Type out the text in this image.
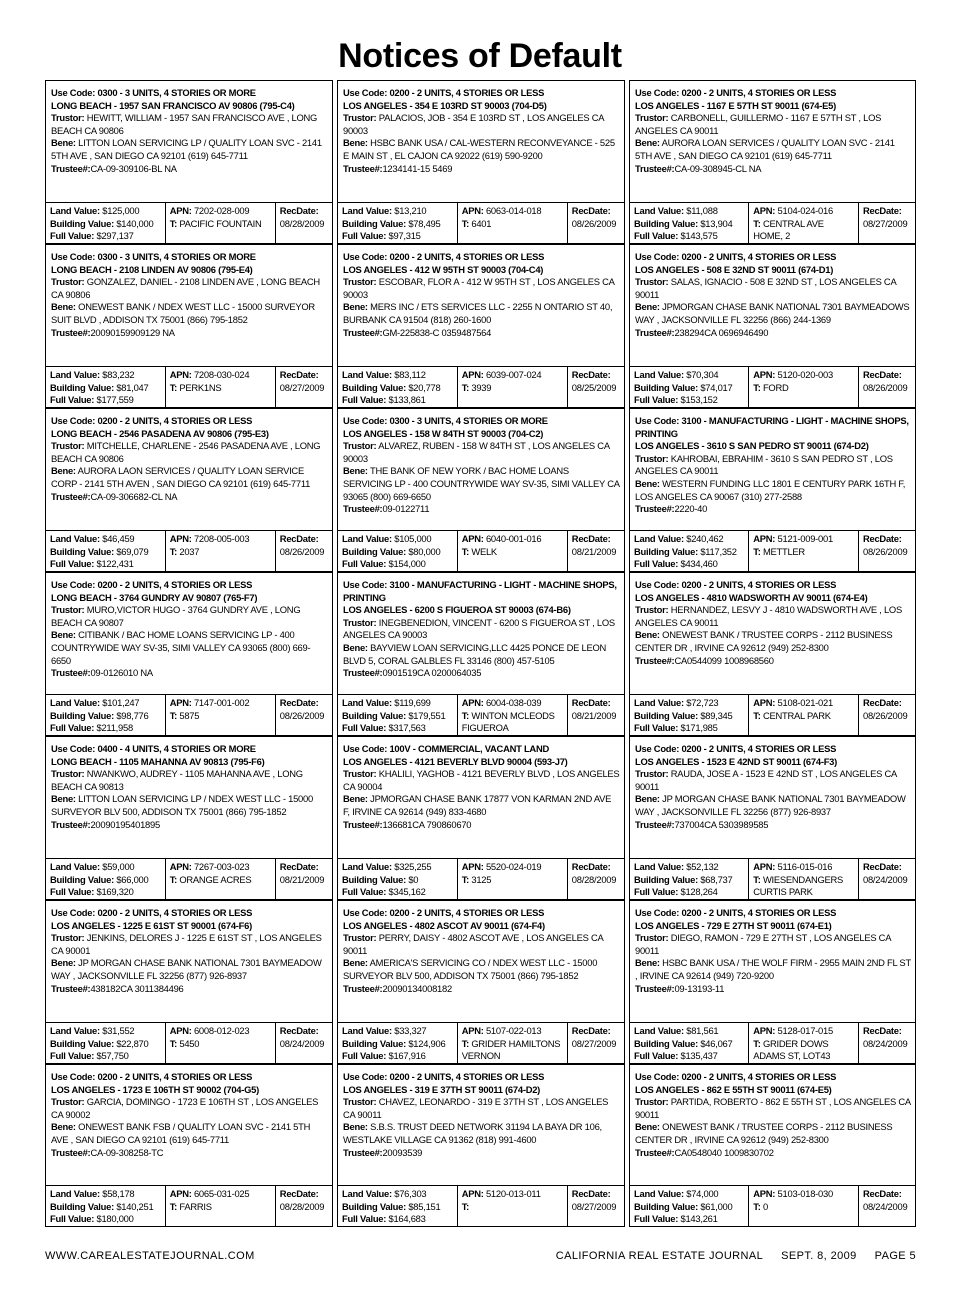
Notices of Default
Use Code: 0300 - 3 UNITS, 4 STORIES OR MORE
LONG BEACH - 1957 SAN FRANCISCO AV 90806 (795-C4)
Trustor: HEWITT, WILLIAM - 1957 SAN FRANCISCO AVE , LONG BEACH CA 90806
Bene: LITTON LOAN SERVICING LP / QUALITY LOAN SVC - 2141 5TH AVE , SAN DIEGO CA 92101 (619) 645-7711
Trustee#:CA-09-309106-BL NA
Land Value: $125,000
Building Value: $140,000
Full Value: $297,137
APN: 7202-028-009
T: PACIFIC FOUNTAIN
RecDate:
08/28/2009
Use Code: 0300 - 3 UNITS, 4 STORIES OR MORE
LONG BEACH - 2108 LINDEN AV 90806 (795-E4)
Trustor: GONZALEZ, DANIEL - 2108 LINDEN AVE , LONG BEACH CA 90806
Bene: ONEWEST BANK / NDEX WEST LLC - 15000 SURVEYOR SUIT BLVD , ADDISON TX 75001 (866) 795-1852
Trustee#:20090159909129 NA
Land Value: $83,232
Building Value: $81,047
Full Value: $177,559
APN: 7208-030-024
T: PERK1NS
RecDate:
08/27/2009
Use Code: 0200 - 2 UNITS, 4 STORIES OR LESS
LONG BEACH - 2546 PASADENA AV 90806 (795-E3)
Trustor: MITCHELLE, CHARLENE - 2546 PASADENA AVE , LONG BEACH CA 90806
Bene: AURORA LAON SERVICES / QUALITY LOAN SERVICE CORP - 2141 5TH AVEN , SAN DIEGO CA 92101 (619) 645-7711
Trustee#:CA-09-306682-CL NA
Land Value: $46,459
Building Value: $69,079
Full Value: $122,431
APN: 7208-005-003
T: 2037
RecDate:
08/26/2009
Use Code: 0200 - 2 UNITS, 4 STORIES OR LESS
LONG BEACH - 3764 GUNDRY AV 90807 (765-F7)
Trustor: MURO,VICTOR HUGO - 3764 GUNDRY AVE , LONG BEACH CA 90807
Bene: CITIBANK / BAC HOME LOANS SERVICING LP - 400 COUNTRYWIDE WAY SV-35, SIMI VALLEY CA 93065 (800) 669-6650
Trustee#:09-0126010 NA
Land Value: $101,247
Building Value: $98,776
Full Value: $211,958
APN: 7147-001-002
T: 5875
RecDate:
08/26/2009
Use Code: 0400 - 4 UNITS, 4 STORIES OR MORE
LONG BEACH - 1105 MAHANNA AV 90813 (795-F6)
Trustor: NWANKWO, AUDREY - 1105 MAHANNA AVE , LONG BEACH CA 90813
Bene: LITTON LOAN SERVICING LP / NDEX WEST LLC - 15000 SURVEYOR BLV 500, ADDISON TX 75001 (866) 795-1852
Trustee#:20090195401895
Land Value: $59,000
Building Value: $66,000
Full Value: $169,320
APN: 7267-003-023
T: ORANGE ACRES
RecDate:
08/21/2009
Use Code: 0200 - 2 UNITS, 4 STORIES OR LESS
LOS ANGELES - 1225 E 61ST ST 90001 (674-F6)
Trustor: JENKINS, DELORES J - 1225 E 61ST ST , LOS ANGELES CA 90001
Bene: JP MORGAN CHASE BANK NATIONAL 7301 BAYMEADOW WAY , JACKSONVILLE FL 32256 (877) 926-8937
Trustee#:438182CA 3011384496
Land Value: $31,552
Building Value: $22,870
Full Value: $57,750
APN: 6008-012-023
T: 5450
RecDate:
08/24/2009
Use Code: 0200 - 2 UNITS, 4 STORIES OR LESS
LOS ANGELES - 1723 E 106TH ST 90002 (704-G5)
Trustor: GARCIA, DOMINGO - 1723 E 106TH ST , LOS ANGELES CA 90002
Bene: ONEWEST BANK FSB / QUALITY LOAN SVC - 2141 5TH AVE , SAN DIEGO CA 92101 (619) 645-7711
Trustee#:CA-09-308258-TC
Land Value: $58,178
Building Value: $140,251
Full Value: $180,000
APN: 6065-031-025
T: FARRIS
RecDate:
08/28/2009
Use Code: 0200 - 2 UNITS, 4 STORIES OR LESS
LOS ANGELES - 354 E 103RD ST 90003 (704-D5)
Trustor: PALACIOS, JOB - 354 E 103RD ST , LOS ANGELES CA 90003
Bene: HSBC BANK USA / CAL-WESTERN RECONVEYANCE - 525 E MAIN ST , EL CAJON CA 92022 (619) 590-9200
Trustee#:1234141-15 5469
Land Value: $13,210
Building Value: $78,495
Full Value: $97,315
APN: 6063-014-018
T: 6401
RecDate:
08/26/2009
Use Code: 0200 - 2 UNITS, 4 STORIES OR LESS
LOS ANGELES - 412 W 95TH ST 90003 (704-C4)
Trustor: ESCOBAR, FLOR A - 412 W 95TH ST , LOS ANGELES CA 90003
Bene: MERS INC / ETS SERVICES LLC - 2255 N ONTARIO ST 40, BURBANK CA 91504 (818) 260-1600
Trustee#:GM-225838-C 0359487564
Land Value: $83,112
Building Value: $20,778
Full Value: $133,861
APN: 6039-007-024
T: 3939
RecDate:
08/25/2009
Use Code: 0300 - 3 UNITS, 4 STORIES OR MORE
LOS ANGELES - 158 W 84TH ST 90003 (704-C2)
Trustor: ALVAREZ, RUBEN - 158 W 84TH ST , LOS ANGELES CA 90003
Bene: THE BANK OF NEW YORK / BAC HOME LOANS SERVICING LP - 400 COUNTRYWIDE WAY SV-35, SIMI VALLEY CA 93065 (800) 669-6650
Trustee#:09-0122711
Land Value: $105,000
Building Value: $80,000
Full Value: $154,000
APN: 6040-001-016
T: WELK
RecDate:
08/21/2009
Use Code: 3100 - MANUFACTURING - LIGHT - MACHINE SHOPS, PRINTING
LOS ANGELES - 6200 S FIGUEROA ST 90003 (674-B6)
Trustor: INEGBENEDION, VINCENT - 6200 S FIGUEROA ST , LOS ANGELES CA 90003
Bene: BAYVIEW LOAN SERVICING,LLC 4425 PONCE DE LEON BLVD 5, CORAL GALBLES FL 33146 (800) 457-5105
Trustee#:0901519CA 0200064035
Land Value: $119,699
Building Value: $179,551
Full Value: $317,563
APN: 6004-038-039
T: WINTON MCLEODS FIGUEROA
RecDate:
08/21/2009
Use Code: 100V - COMMERCIAL, VACANT LAND
LOS ANGELES - 4121 BEVERLY BLVD 90004 (593-J7)
Trustor: KHALILI, YAGHOB - 4121 BEVERLY BLVD , LOS ANGELES CA 90004
Bene: JPMORGAN CHASE BANK 17877 VON KARMAN 2ND AVE F, IRVINE CA 92614 (949) 833-4680
Trustee#:136681CA 790860670
Land Value: $325,255
Building Value: $0
Full Value: $345,162
APN: 5520-024-019
T: 3125
RecDate:
08/28/2009
Use Code: 0200 - 2 UNITS, 4 STORIES OR LESS
LOS ANGELES - 4802 ASCOT AV 90011 (674-F4)
Trustor: PERRY, DAISY - 4802 ASCOT AVE , LOS ANGELES CA 90011
Bene: AMERICA'S SERVICING CO / NDEX WEST LLC - 15000 SURVEYOR BLV 500, ADDISON TX 75001 (866) 795-1852
Trustee#:20090134008182
Land Value: $33,327
Building Value: $124,906
Full Value: $167,916
APN: 5107-022-013
T: GRIDER HAMILTONS VERNON
RecDate:
08/27/2009
Use Code: 0200 - 2 UNITS, 4 STORIES OR LESS
LOS ANGELES - 319 E 37TH ST 90011 (674-D2)
Trustor: CHAVEZ, LEONARDO - 319 E 37TH ST , LOS ANGELES CA 90011
Bene: S.B.S. TRUST DEED NETWORK 31194 LA BAYA DR 106, WESTLAKE VILLAGE CA 91362 (818) 991-4600
Trustee#:20093539
Land Value: $76,303
Building Value: $85,151
Full Value: $164,683
APN: 5120-013-011
T:
RecDate:
08/27/2009
Use Code: 0200 - 2 UNITS, 4 STORIES OR LESS
LOS ANGELES - 1167 E 57TH ST 90011 (674-E5)
Trustor: CARBONELL, GUILLERMO - 1167 E 57TH ST , LOS ANGELES CA 90011
Bene: AURORA LOAN SERVICES / QUALITY LOAN SVC - 2141 5TH AVE , SAN DIEGO CA 92101 (619) 645-7711
Trustee#:CA-09-308945-CL NA
Land Value: $11,088
Building Value: $13,904
Full Value: $143,575
APN: 5104-024-016
T: CENTRAL AVE HOME, 2
RecDate:
08/27/2009
Use Code: 0200 - 2 UNITS, 4 STORIES OR LESS
LOS ANGELES - 508 E 32ND ST 90011 (674-D1)
Trustor: SALAS, IGNACIO - 508 E 32ND ST , LOS ANGELES CA 90011
Bene: JPMORGAN CHASE BANK NATIONAL 7301 BAYMEADOWS WAY , JACKSONVILLE FL 32256 (866) 244-1369
Trustee#:238294CA 0696946490
Land Value: $70,304
Building Value: $74,017
Full Value: $153,152
APN: 5120-020-003
T: FORD
RecDate:
08/26/2009
Use Code: 3100 - MANUFACTURING - LIGHT - MACHINE SHOPS, PRINTING
LOS ANGELES - 3610 S SAN PEDRO ST 90011 (674-D2)
Trustor: KAHROBAI, EBRAHIM - 3610 S SAN PEDRO ST , LOS ANGELES CA 90011
Bene: WESTERN FUNDING LLC 1801 E CENTURY PARK 16TH F, LOS ANGELES CA 90067 (310) 277-2588
Trustee#:2220-40
Land Value: $240,462
Building Value: $117,352
Full Value: $434,460
APN: 5121-009-001
T: METTLER
RecDate:
08/26/2009
Use Code: 0200 - 2 UNITS, 4 STORIES OR LESS
LOS ANGELES - 4810 WADSWORTH AV 90011 (674-E4)
Trustor: HERNANDEZ, LESVY J - 4810 WADSWORTH AVE , LOS ANGELES CA 90011
Bene: ONEWEST BANK / TRUSTEE CORPS - 2112 BUSINESS CENTER DR , IRVINE CA 92612 (949) 252-8300
Trustee#:CA0544099 1008968560
Land Value: $72,723
Building Value: $89,345
Full Value: $171,985
APN: 5108-021-021
T: CENTRAL PARK
RecDate:
08/26/2009
Use Code: 0200 - 2 UNITS, 4 STORIES OR LESS
LOS ANGELES - 1523 E 42ND ST 90011 (674-F3)
Trustor: RAUDA, JOSE A - 1523 E 42ND ST , LOS ANGELES CA 90011
Bene: JP MORGAN CHASE BANK NATIONAL 7301 BAYMEADOW WAY , JACKSONVILLE FL 32256 (877) 926-8937
Trustee#:737004CA 5303989585
Land Value: $52,132
Building Value: $68,737
Full Value: $128,264
APN: 5116-015-016
T: WIESENDANGERS CURTIS PARK
RecDate:
08/24/2009
Use Code: 0200 - 2 UNITS, 4 STORIES OR LESS
LOS ANGELES - 729 E 27TH ST 90011 (674-E1)
Trustor: DIEGO, RAMON - 729 E 27TH ST , LOS ANGELES CA 90011
Bene: HSBC BANK USA / THE WOLF FIRM - 2955 MAIN 2ND FL ST , IRVINE CA 92614 (949) 720-9200
Trustee#:09-13193-11
Land Value: $81,561
Building Value: $46,067
Full Value: $135,437
APN: 5128-017-015
T: GRIDER DOWS ADAMS ST, LOT43
RecDate:
08/24/2009
Use Code: 0200 - 2 UNITS, 4 STORIES OR LESS
LOS ANGELES - 862 E 55TH ST 90011 (674-E5)
Trustor: PARTIDA, ROBERTO - 862 E 55TH ST , LOS ANGELES CA 90011
Bene: ONEWEST BANK / TRUSTEE CORPS - 2112 BUSINESS CENTER DR , IRVINE CA 92612 (949) 252-8300
Trustee#:CA0548040 1009830702
Land Value: $74,000
Building Value: $61,000
Full Value: $143,261
APN: 5103-018-030
T: 0
RecDate:
08/24/2009
WWW.CAREALESTATEJOURNAL.COM	CALIFORNIA REAL ESTATE JOURNAL SEPT. 8, 2009 PAGE 5
